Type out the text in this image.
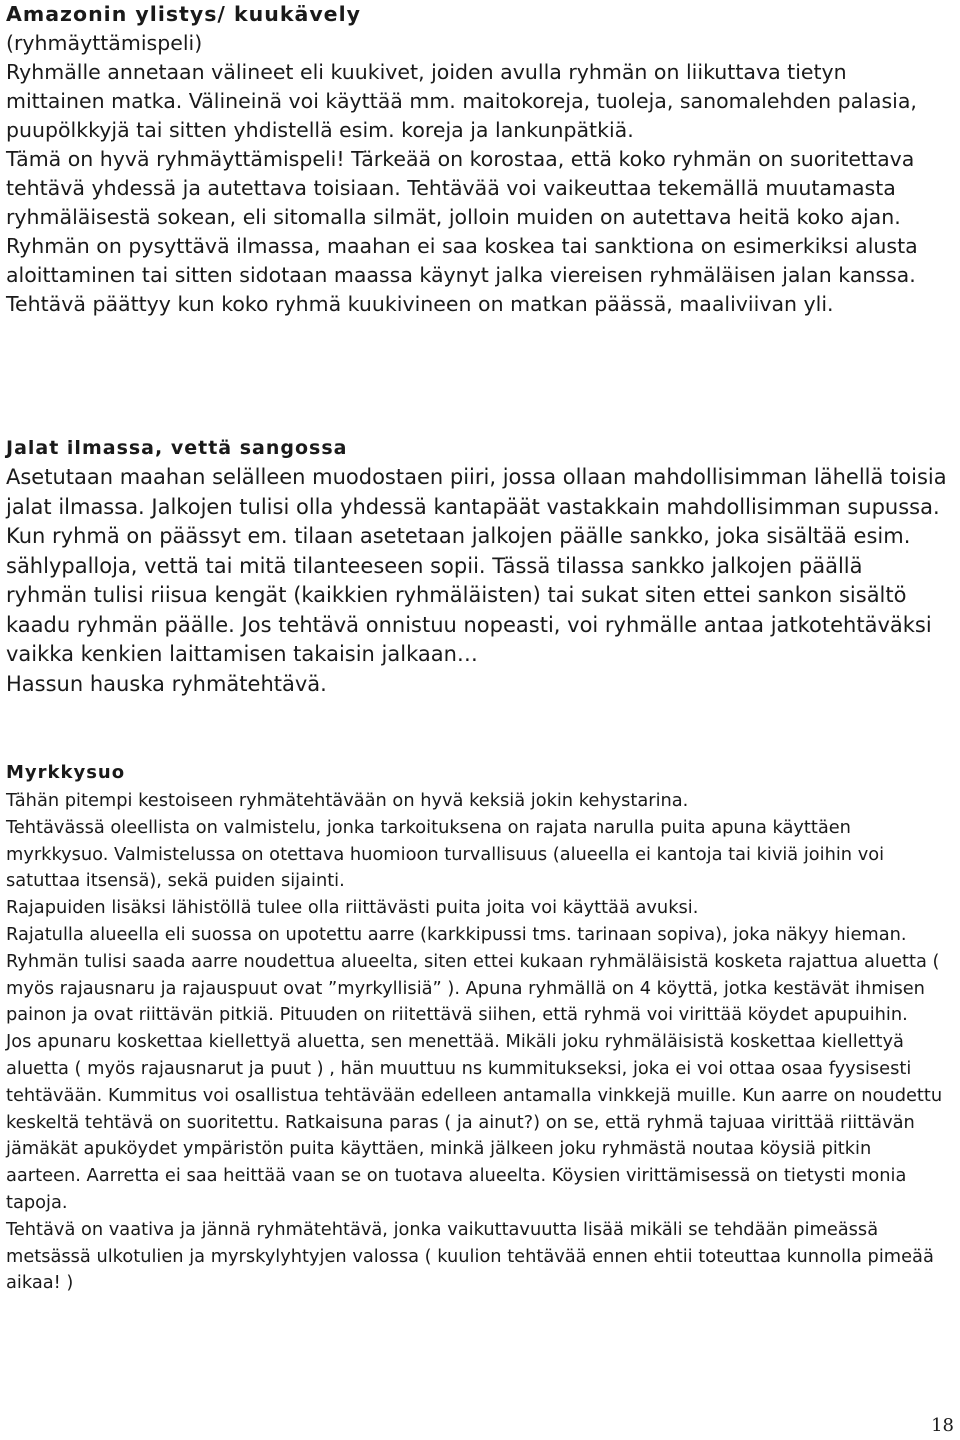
Amazonin ylistys/ kuukävely
(ryhmäyttämispeli)

Ryhmälle annetaan välineet eli kuukivet, joiden avulla ryhmän on liikuttava tietyn mittainen matka. Välineinä voi käyttää mm. maitokoreja, tuoleja, sanomalehden palasia, puupölkkyjä tai sitten yhdistellä esim. koreja ja lankunpätkiä.

Tämä on hyvä ryhmäyttämispeli! Tärkeää on korostaa, että koko ryhmän on suoritettava tehtävä yhdessä ja autettava toisiaan. Tehtävää voi vaikeuttaa tekemällä muutamasta ryhmäläisestä sokean, eli sitomalla silmät, jolloin muiden on autettava heitä koko ajan. Ryhmän on pysyttävä ilmassa, maahan ei saa koskea tai sanktiona on esimerkiksi alusta aloittaminen tai sitten sidotaan maassa käynyt jalka viereisen ryhmäläisen jalan kanssa.

Tehtävä päättyy kun koko ryhmä kuukivineen on matkan päässä, maaliviivan yli.

Jalat ilmassa, vettä sangossa

Asetutaan maahan selälleen muodostaen piiri, jossa ollaan mahdollisimman lähellä toisia jalat ilmassa. Jalkojen tulisi olla yhdessä kantapäät vastakkain mahdollisimman supussa. Kun ryhmä on päässyt em. tilaan asetetaan jalkojen päälle sankko, joka sisältää esim. sählypalloja, vettä tai mitä tilanteeseen sopii. Tässä tilassa sankko jalkojen päällä ryhmän tulisi riisua kengät (kaikkien ryhmäläisten) tai sukat siten ettei sankon sisältö kaadu ryhmän päälle. Jos tehtävä onnistuu nopeasti, voi ryhmälle antaa jatkotehtäväksi vaikka kenkien laittamisen takaisin jalkaan…

Hassun hauska ryhmätehtävä.

Myrkkysuo

Tähän pitempi kestoiseen ryhmätehtävään on hyvä keksiä jokin kehystarina.

Tehtävässä oleellista on valmistelu, jonka tarkoituksena on rajata narulla puita apuna käyttäen myrkkysuo. Valmistelussa on otettava huomioon turvallisuus (alueella ei kantoja tai kiviä joihin voi satuttaa itsensä), sekä puiden sijainti.

Rajapuiden lisäksi lähistöllä tulee olla riittävästi puita joita voi käyttää avuksi.

Rajatulla alueella eli suossa on upotettu aarre (karkkipussi tms. tarinaan sopiva), joka näkyy hieman. Ryhmän tulisi saada aarre noudettua alueelta, siten ettei kukaan ryhmäläisistä kosketa rajattua aluetta ( myös rajausnaru ja rajauspuut ovat ”myrkyllisiä” ). Apuna ryhmällä on 4 köyttä, jotka kestävät ihmisen painon ja ovat riittävän pitkiä. Pituuden on riitettävä siihen, että ryhmä voi virittää köydet apupuihin.

Jos apunaru koskettaa kiellettyä aluetta, sen menettää. Mikäli joku ryhmäläisistä koskettaa kiellettyä aluetta ( myös rajausnarut ja puut ) , hän muuttuu ns kummitukseksi, joka ei voi ottaa osaa fyysisesti tehtävään. Kummitus voi osallistua tehtävään edelleen antamalla vinkkejä muille. Kun aarre on noudettu keskeltä tehtävä on suoritettu. Ratkaisuna paras ( ja ainut?) on se, että ryhmä tajuaa virittää riittävän jämäkät apuköydet ympäristön puita käyttäen, minkä jälkeen joku ryhmästä noutaa köysiä pitkin aarteen. Aarretta ei saa heittää vaan se on tuotava alueelta. Köysien virittämisessä on tietysti monia tapoja.

Tehtävä on vaativa ja jännä ryhmätehtävä, jonka vaikuttavuutta lisää mikäli se tehdään pimeässä metsässä ulkotulien ja myrskylyhtyjen valossa ( kuulion tehtävää ennen ehtii toteuttaa kunnolla pimeää aikaa! )

18
